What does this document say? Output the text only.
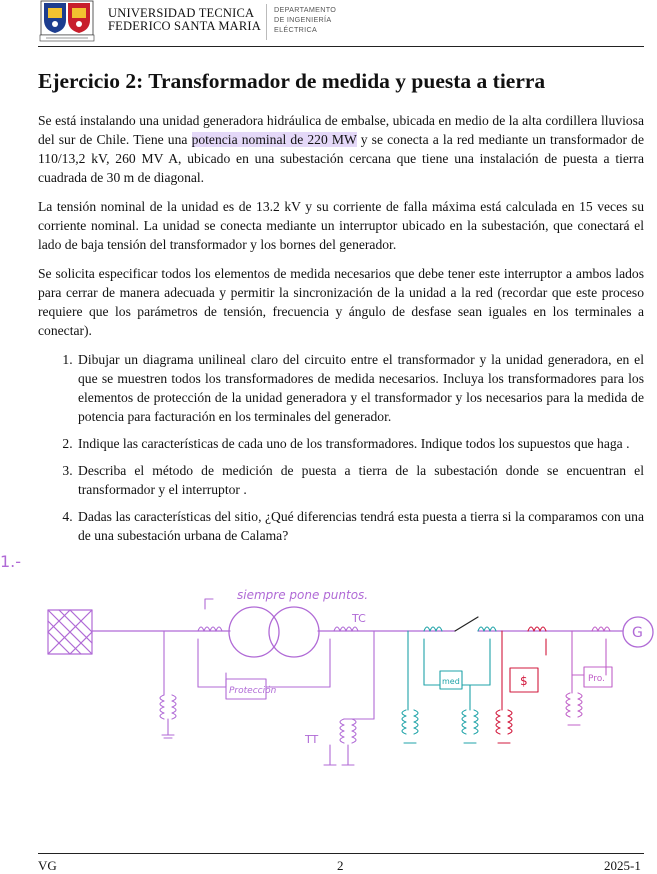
UNIVERSIDAD TECNICA
FEDERICO SANTA MARIA
DEPARTAMENTO
DE INGENIERÍA
ELÉCTRICA
Ejercicio 2: Transformador de medida y puesta a tierra

Se está instalando una unidad generadora hidráulica de embalse, ubicada en medio de la alta cordillera lluviosa del sur de Chile. Tiene una potencia nominal de 220 MW y se conecta a la red mediante un transformador de 110/13,2 kV, 260 MV A, ubicado en una subestación cercana que tiene una instalación de puesta a tierra cuadrada de 30 m de diagonal.

La tensión nominal de la unidad es de 13.2 kV y su corriente de falla máxima está calculada en 15 veces su corriente nominal. La unidad se conecta mediante un interruptor ubicado en la subestación, que conectará el lado de baja tensión del transformador y los bornes del generador.

Se solicita especificar todos los elementos de medida necesarios que debe tener este interruptor a ambos lados para cerrar de manera adecuada y permitir la sincronización de la unidad a la red (recordar que este proceso requiere que los parámetros de tensión, frecuencia y ángulo de desfase sean iguales en los terminales a conectar).

1. Dibujar un diagrama unilineal claro del circuito entre el transformador y la unidad generadora, en el que se muestren todos los transformadores de medida necesarios. Incluya los transformadores para los elementos de protección de la unidad generadora y el transformador y los necesarios para la medida de potencia para facturación en los terminales del generador.
2. Indique las características de cada uno de los transformadores. Indique todos los supuestos que haga .
3. Describa el método de medición de puesta a tierra de la subestación donde se encuentran el transformador y el interruptor .
4. Dadas las características del sitio, ¿Qué diferencias tendrá esta puesta a tierra si la comparamos con una de una subestación urbana de Calama?
1.-
siempre pone puntos.
TC
TT
Protección
med	$	Pro.
G
VG	2	2025-1
